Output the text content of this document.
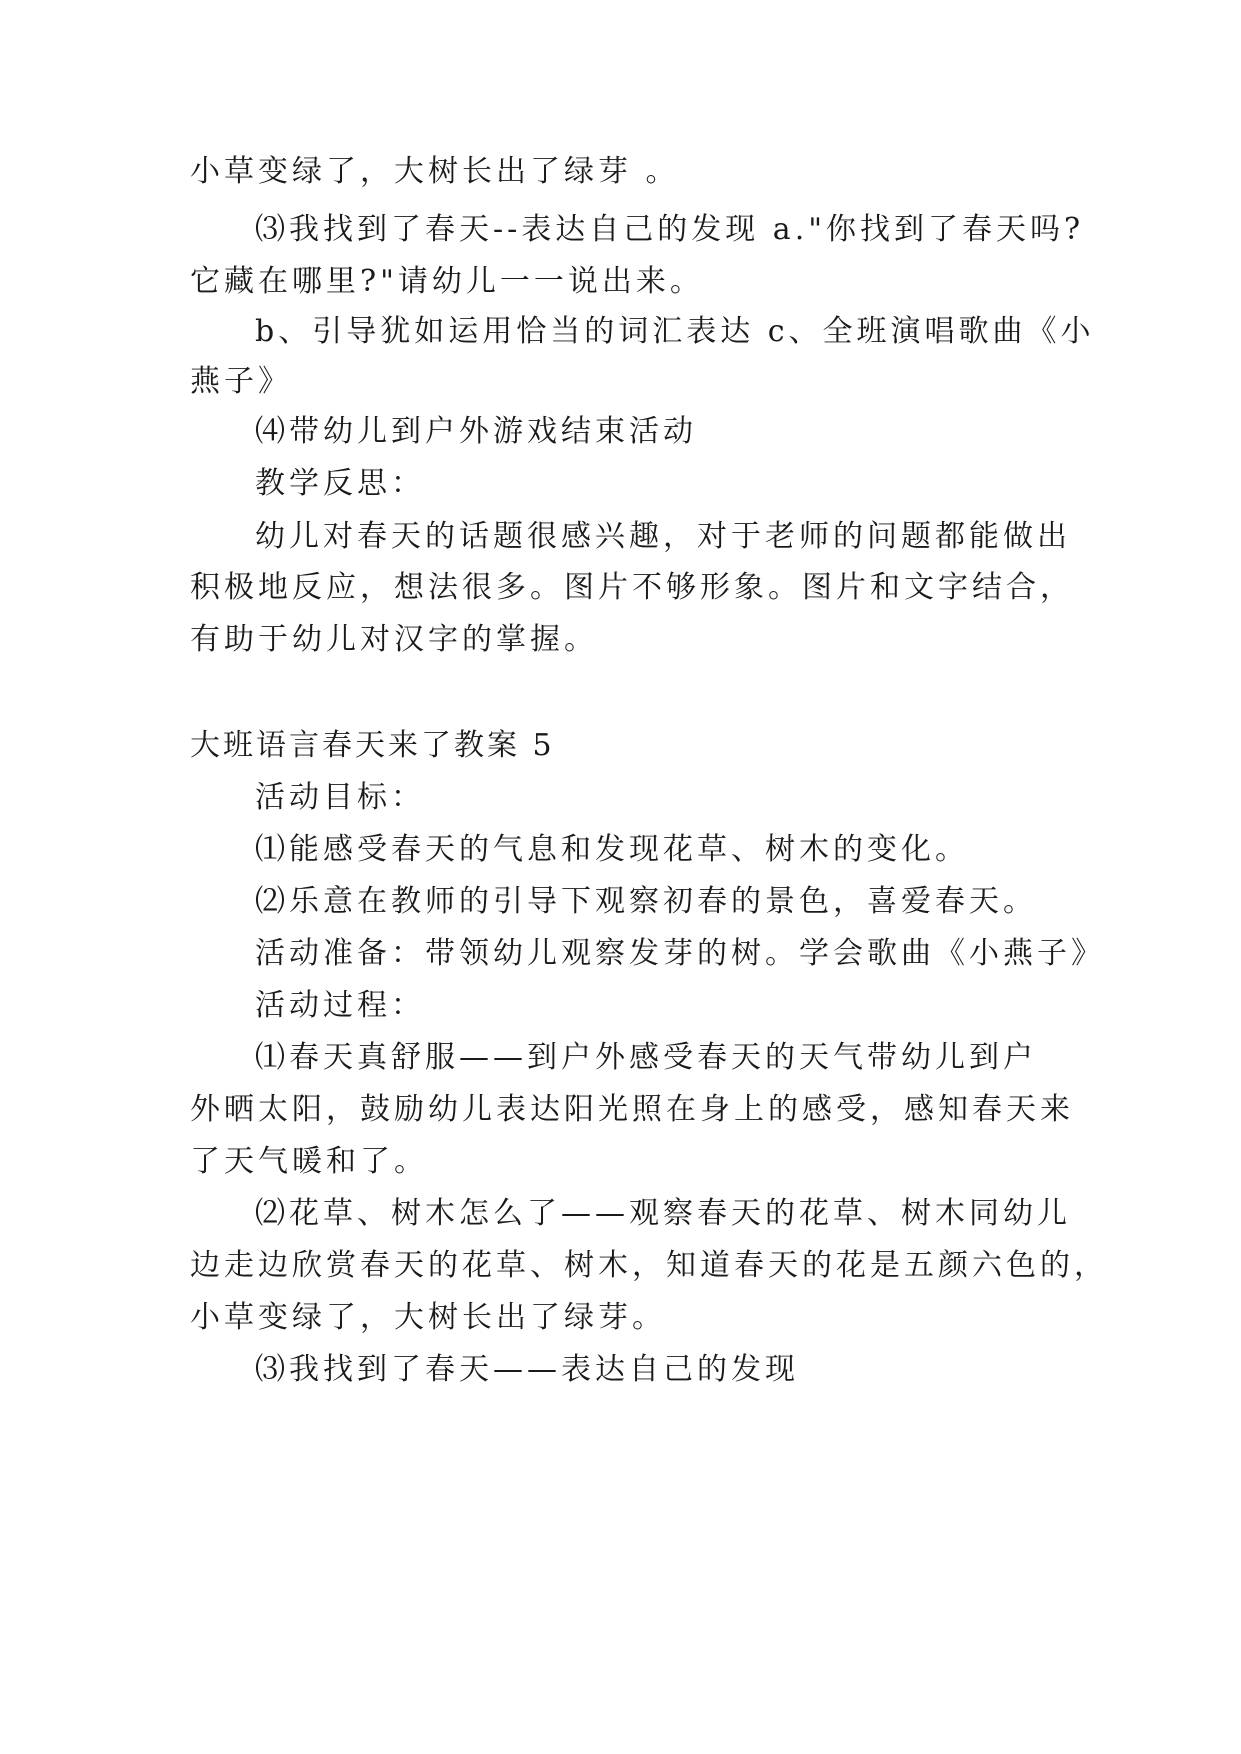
小草变绿了，大树长出了绿芽 。
⑶我找到了春天--表达自己的发现 a."你找到了春天吗?
它藏在哪里?"请幼儿一一说出来。
b、引导犹如运用恰当的词汇表达 c、全班演唱歌曲《小
燕子》
⑷带幼儿到户外游戏结束活动
教学反思：
幼儿对春天的话题很感兴趣，对于老师的问题都能做出
积极地反应，想法很多。图片不够形象。图片和文字结合，
有助于幼儿对汉字的掌握。
大班语言春天来了教案 5
活动目标：
⑴能感受春天的气息和发现花草、树木的变化。
⑵乐意在教师的引导下观察初春的景色，喜爱春天。
活动准备：带领幼儿观察发芽的树。学会歌曲《小燕子》
活动过程：
⑴春天真舒服——到户外感受春天的天气带幼儿到户
外晒太阳，鼓励幼儿表达阳光照在身上的感受，感知春天来
了天气暖和了。
⑵花草、树木怎么了——观察春天的花草、树木同幼儿
边走边欣赏春天的花草、树木，知道春天的花是五颜六色的，
小草变绿了，大树长出了绿芽。
⑶我找到了春天——表达自己的发现
